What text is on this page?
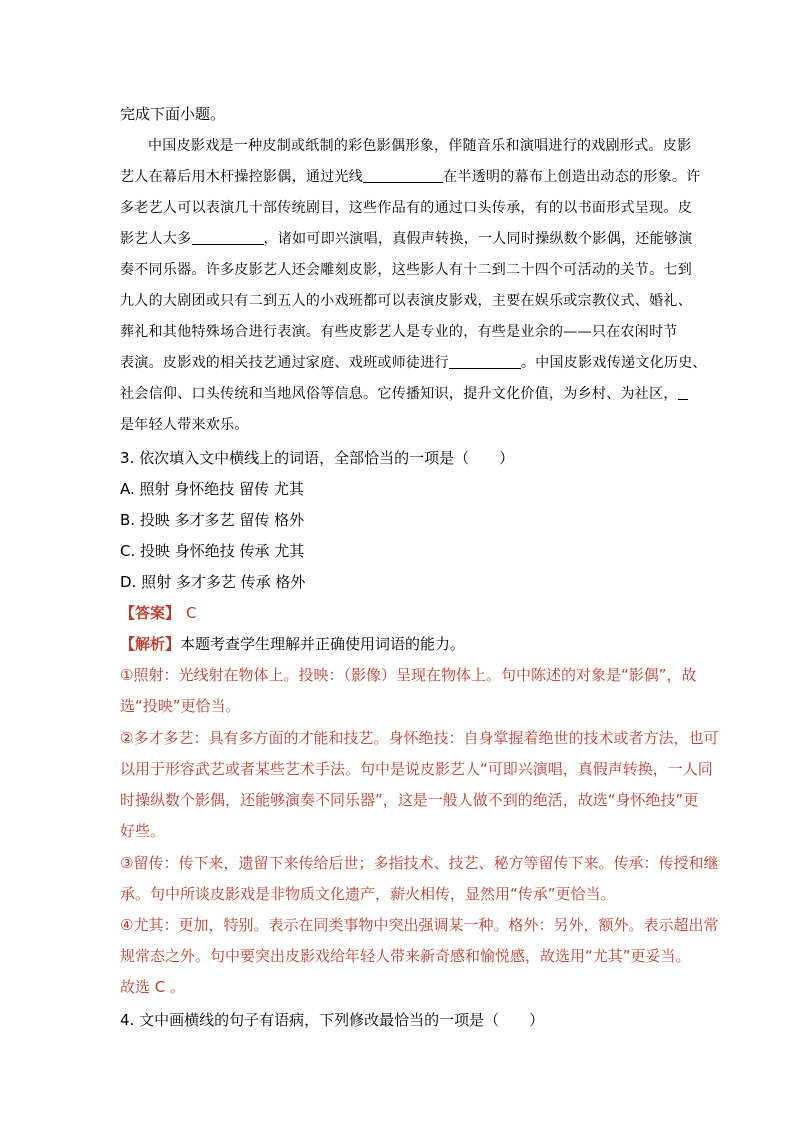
完成下面小题。
中国皮影戏是一种皮制或纸制的彩色影偶形象，伴随音乐和演唱进行的戏剧形式。皮影
艺人在幕后用木杆操控影偶，通过光线	在半透明的幕布上创造出动态的形象。许
多老艺人可以表演几十部传统剧目，这些作品有的通过口头传承，有的以书面形式呈现。皮
影艺人大多	，诸如可即兴演唱，真假声转换，一人同时操纵数个影偶，还能够演
奏不同乐器。许多皮影艺人还会雕刻皮影，这些影人有十二到二十四个可活动的关节。七到
九人的大剧团或只有二到五人的小戏班都可以表演皮影戏，主要在娱乐或宗教仪式、婚礼、
葬礼和其他特殊场合进行表演。有些皮影艺人是专业的，有些是业余的——只在农闲时节
表演。皮影戏的相关技艺通过家庭、戏班或师徒进行	。中国皮影戏传递文化历史、
社会信仰、口头传统和当地风俗等信息。它传播知识，提升文化价值，为乡村、为社区，
是年轻人带来欢乐。
3. 依次填入文中横线上的词语，全部恰当的一项是（　　）
A. 照射 身怀绝技 留传 尤其
B. 投映 多才多艺 留传 格外
C. 投映 身怀绝技 传承 尤其
D. 照射 多才多艺 传承 格外
【答案】 C
【解析】本题考查学生理解并正确使用词语的能力。
①照射：光线射在物体上。投映：（影像）呈现在物体上。句中陈述的对象是“影偶”，故
选“投映”更恰当。
②多才多艺：具有多方面的才能和技艺。身怀绝技：自身掌握着绝世的技术或者方法，也可
以用于形容武艺或者某些艺术手法。句中是说皮影艺人“可即兴演唱，真假声转换，一人同
时操纵数个影偶，还能够演奏不同乐器”，这是一般人做不到的绝活，故选“身怀绝技”更
好些。
③留传：传下来，遗留下来传给后世；多指技术、技艺、秘方等留传下来。传承：传授和继
承。句中所谈皮影戏是非物质文化遗产，薪火相传，显然用“传承”更恰当。
④尤其：更加，特别。表示在同类事物中突出强调某一种。格外：另外，额外。表示超出常
规常态之外。句中要突出皮影戏给年轻人带来新奇感和愉悦感，故选用“尤其”更妥当。
故选 C 。
4. 文中画横线的句子有语病，下列修改最恰当的一项是（　　）
